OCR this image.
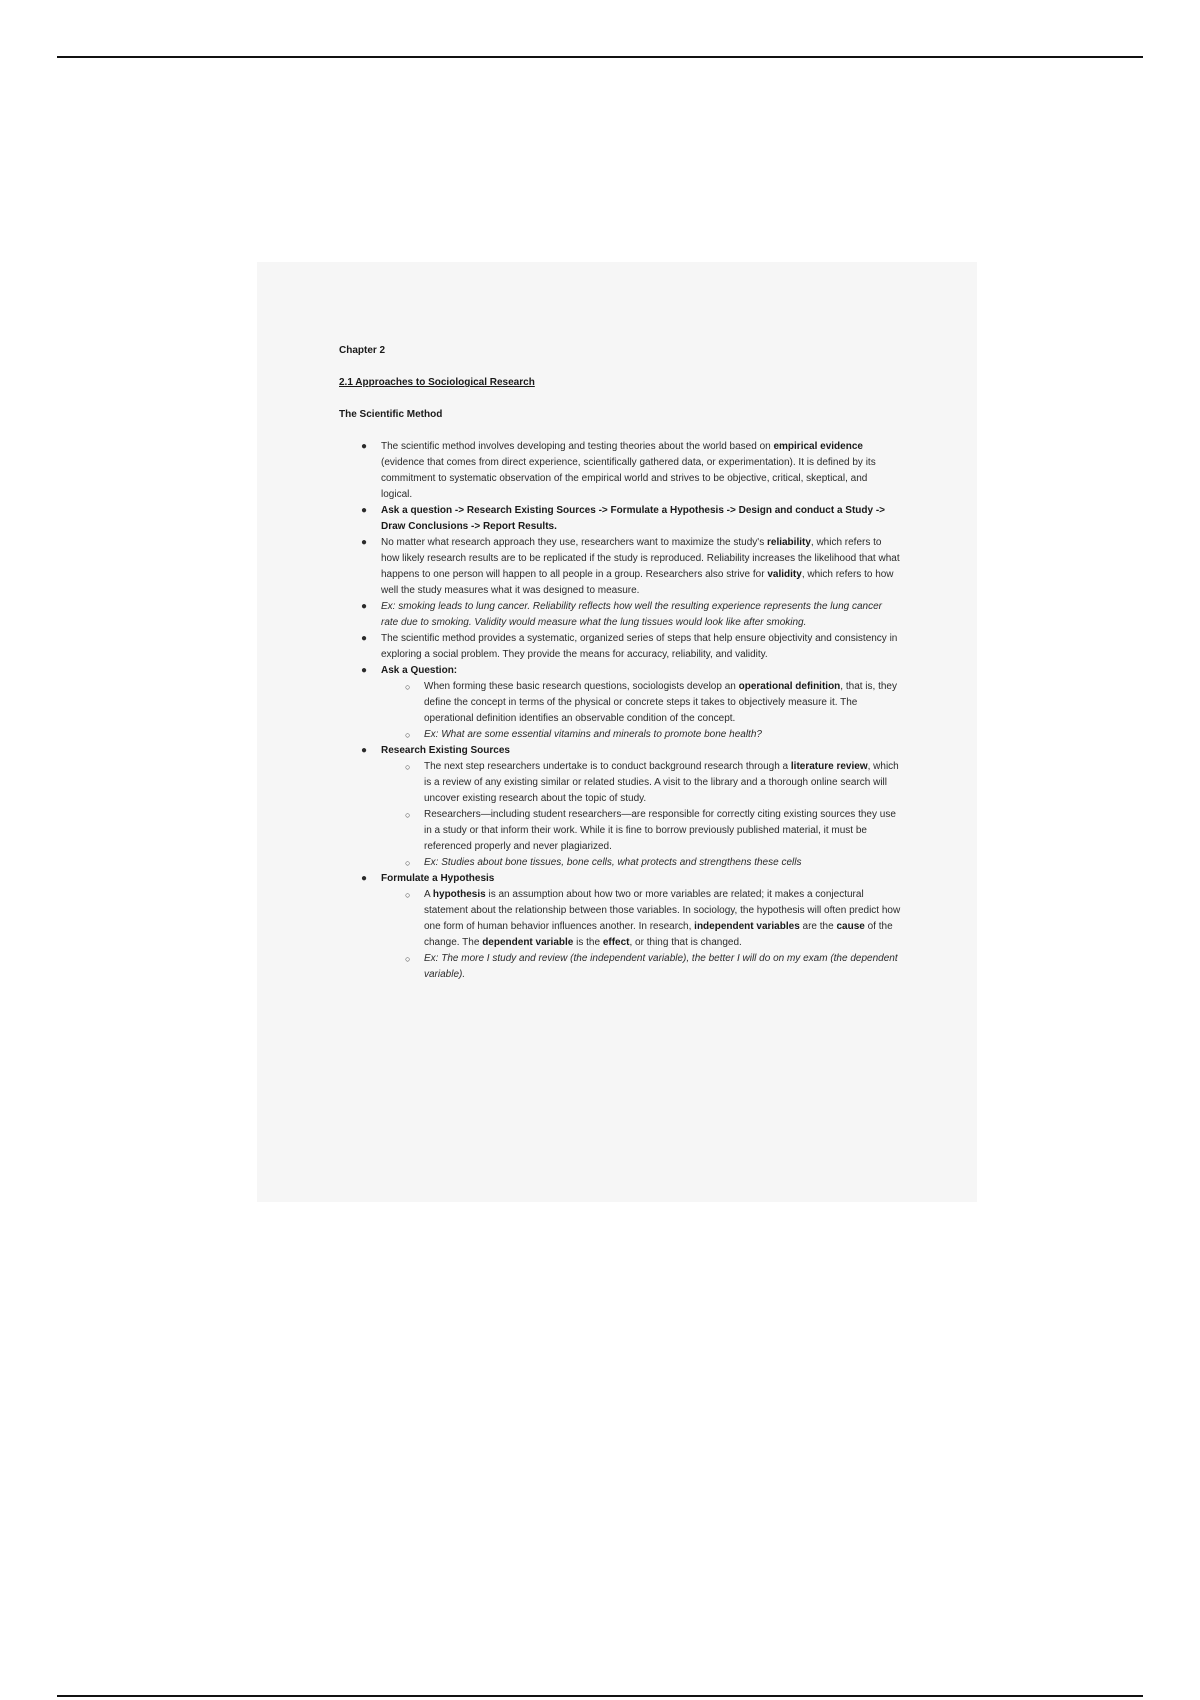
Chapter 2

2.1 Approaches to Sociological Research

The Scientific Method

● The scientific method involves developing and testing theories about the world based on empirical evidence (evidence that comes from direct experience, scientifically gathered data, or experimentation). It is defined by its commitment to systematic observation of the empirical world and strives to be objective, critical, skeptical, and logical.
● Ask a question -> Research Existing Sources -> Formulate a Hypothesis -> Design and conduct a Study -> Draw Conclusions -> Report Results.
● No matter what research approach they use, researchers want to maximize the study's reliability, which refers to how likely research results are to be replicated if the study is reproduced. Reliability increases the likelihood that what happens to one person will happen to all people in a group. Researchers also strive for validity, which refers to how well the study measures what it was designed to measure.
● Ex: smoking leads to lung cancer. Reliability reflects how well the resulting experience represents the lung cancer rate due to smoking. Validity would measure what the lung tissues would look like after smoking.
● The scientific method provides a systematic, organized series of steps that help ensure objectivity and consistency in exploring a social problem. They provide the means for accuracy, reliability, and validity.
● Ask a Question:
○ When forming these basic research questions, sociologists develop an operational definition, that is, they define the concept in terms of the physical or concrete steps it takes to objectively measure it. The operational definition identifies an observable condition of the concept.
○ Ex: What are some essential vitamins and minerals to promote bone health?
● Research Existing Sources
○ The next step researchers undertake is to conduct background research through a literature review, which is a review of any existing similar or related studies. A visit to the library and a thorough online search will uncover existing research about the topic of study.
○ Researchers—including student researchers—are responsible for correctly citing existing sources they use in a study or that inform their work. While it is fine to borrow previously published material, it must be referenced properly and never plagiarized.
○ Ex: Studies about bone tissues, bone cells, what protects and strengthens these cells
● Formulate a Hypothesis
○ A hypothesis is an assumption about how two or more variables are related; it makes a conjectural statement about the relationship between those variables. In sociology, the hypothesis will often predict how one form of human behavior influences another. In research, independent variables are the cause of the change. The dependent variable is the effect, or thing that is changed.
○ Ex: The more I study and review (the independent variable), the better I will do on my exam (the dependent variable).
